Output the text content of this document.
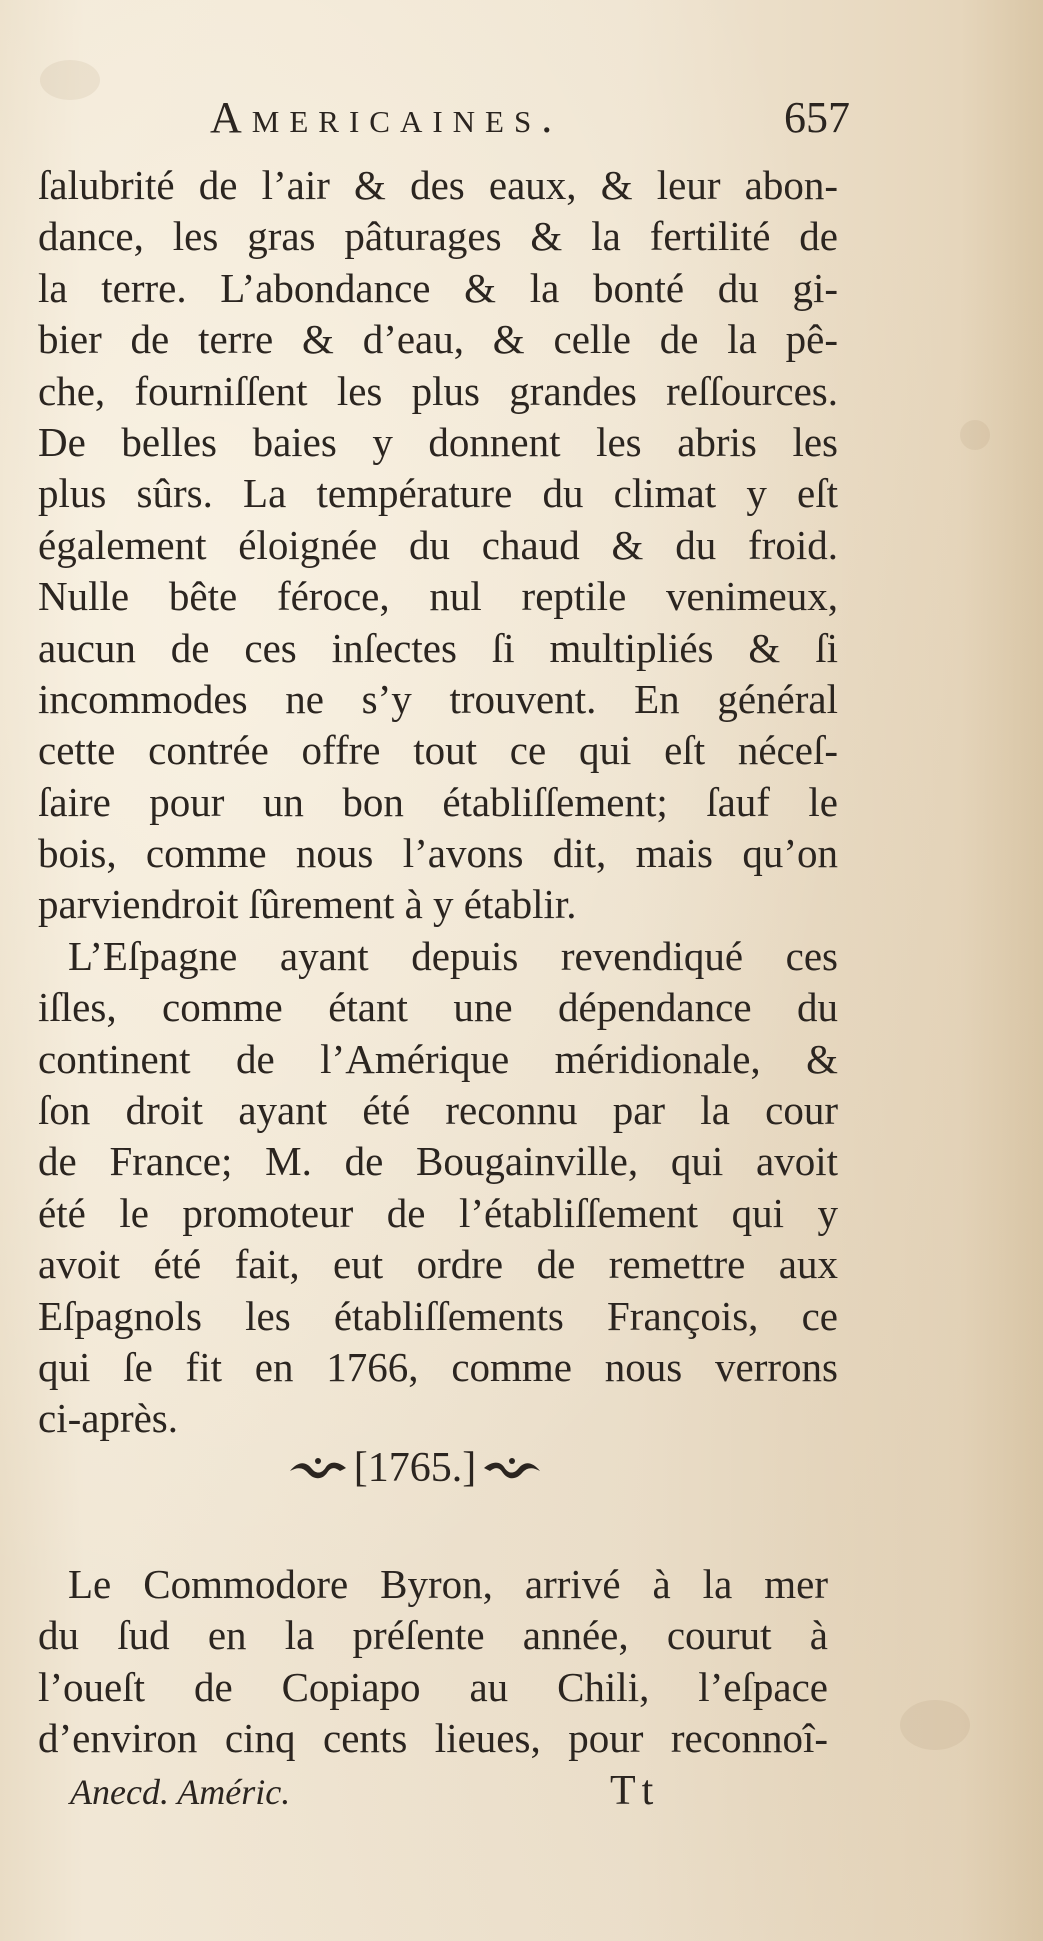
Americaines.	657
ſalubrité de l’air & des eaux, & leur abon-
dance, les gras pâturages & la fertilité de
la terre. L’abondance & la bonté du gi-
bier de terre & d’eau, & celle de la pê-
che, fourniſſent les plus grandes reſſources.
De belles baies y donnent les abris les
plus sûrs. La température du climat y eſt
également éloignée du chaud & du froid.
Nulle bête féroce, nul reptile venimeux,
aucun de ces inſectes ſi multipliés & ſi
incommodes ne s’y trouvent. En général
cette contrée offre tout ce qui eſt néceſ-
ſaire pour un bon établiſſement; ſauf le
bois, comme nous l’avons dit, mais qu’on
parviendroit ſûrement à y établir.
L’Eſpagne ayant depuis revendiqué ces
iſles, comme étant une dépendance du
continent de l’Amérique méridionale, &
ſon droit ayant été reconnu par la cour
de France; M. de Bougainville, qui avoit
été le promoteur de l’établiſſement qui y
avoit été fait, eut ordre de remettre aux
Eſpagnols les établiſſements François, ce
qui ſe fit en 1766, comme nous verrons
ci-après.
[1765.]
Le Commodore Byron, arrivé à la mer
du ſud en la préſente année, courut à
l’oueſt de Copiapo au Chili, l’eſpace
d’environ cinq cents lieues, pour reconnoî-
Anecd. Améric.	Tt
